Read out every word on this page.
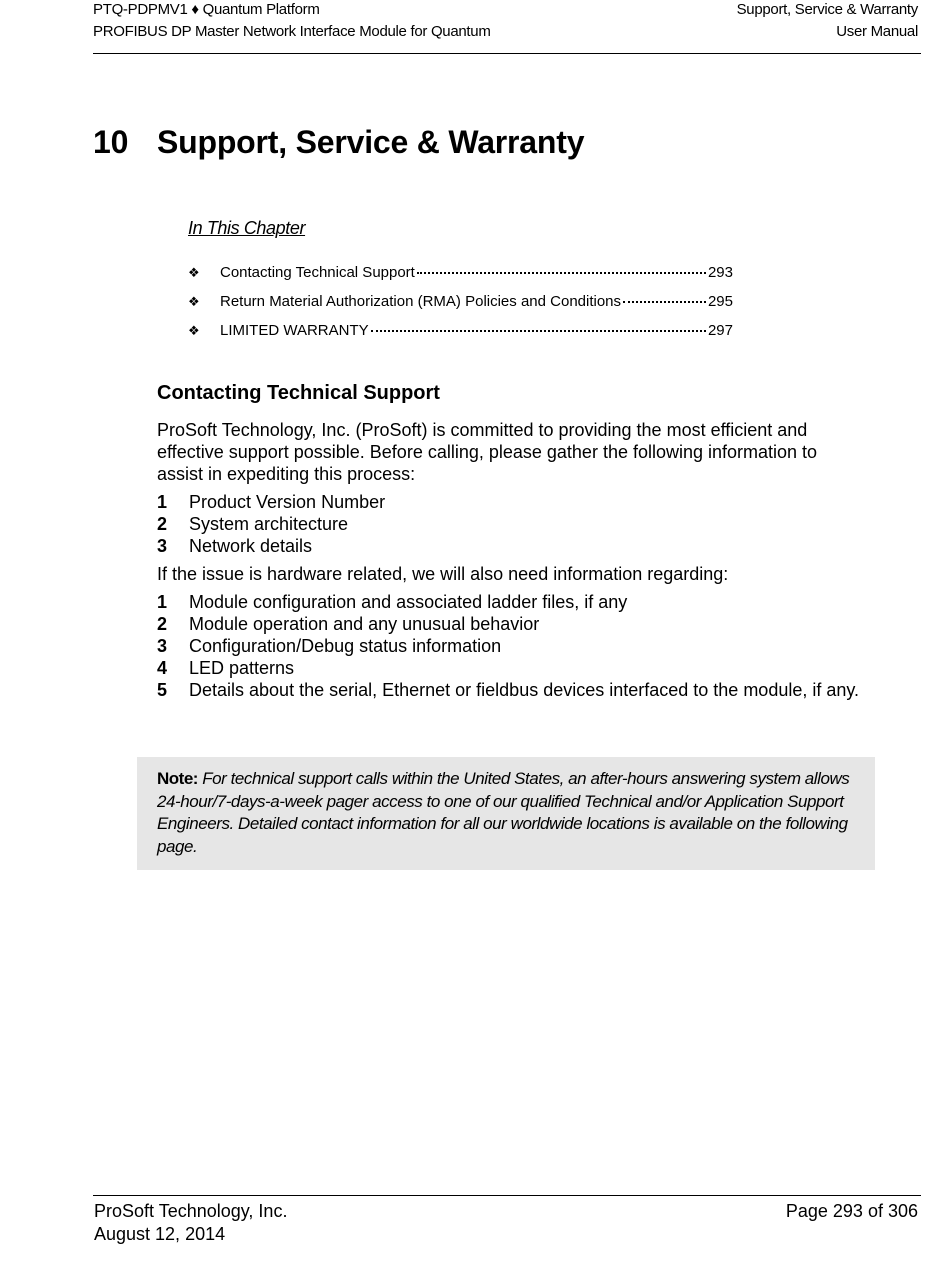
PTQ-PDPMV1 ♦ Quantum Platform
PROFIBUS DP Master Network Interface Module for Quantum
Support, Service & Warranty
User Manual
10 Support, Service & Warranty
In This Chapter
❖	Contacting Technical Support	293
❖	Return Material Authorization (RMA) Policies and Conditions	295
❖	LIMITED WARRANTY	297
Contacting Technical Support
ProSoft Technology, Inc. (ProSoft) is committed to providing the most efficient and effective support possible. Before calling, please gather the following information to assist in expediting this process:
1	Product Version Number
2	System architecture
3	Network details
If the issue is hardware related, we will also need information regarding:
1	Module configuration and associated ladder files, if any
2	Module operation and any unusual behavior
3	Configuration/Debug status information
4	LED patterns
5	Details about the serial, Ethernet or fieldbus devices interfaced to the module, if any.
Note: For technical support calls within the United States, an after-hours answering system allows 24-hour/7-days-a-week pager access to one of our qualified Technical and/or Application Support Engineers. Detailed contact information for all our worldwide locations is available on the following page.
ProSoft Technology, Inc.
August 12, 2014
Page 293 of 306
